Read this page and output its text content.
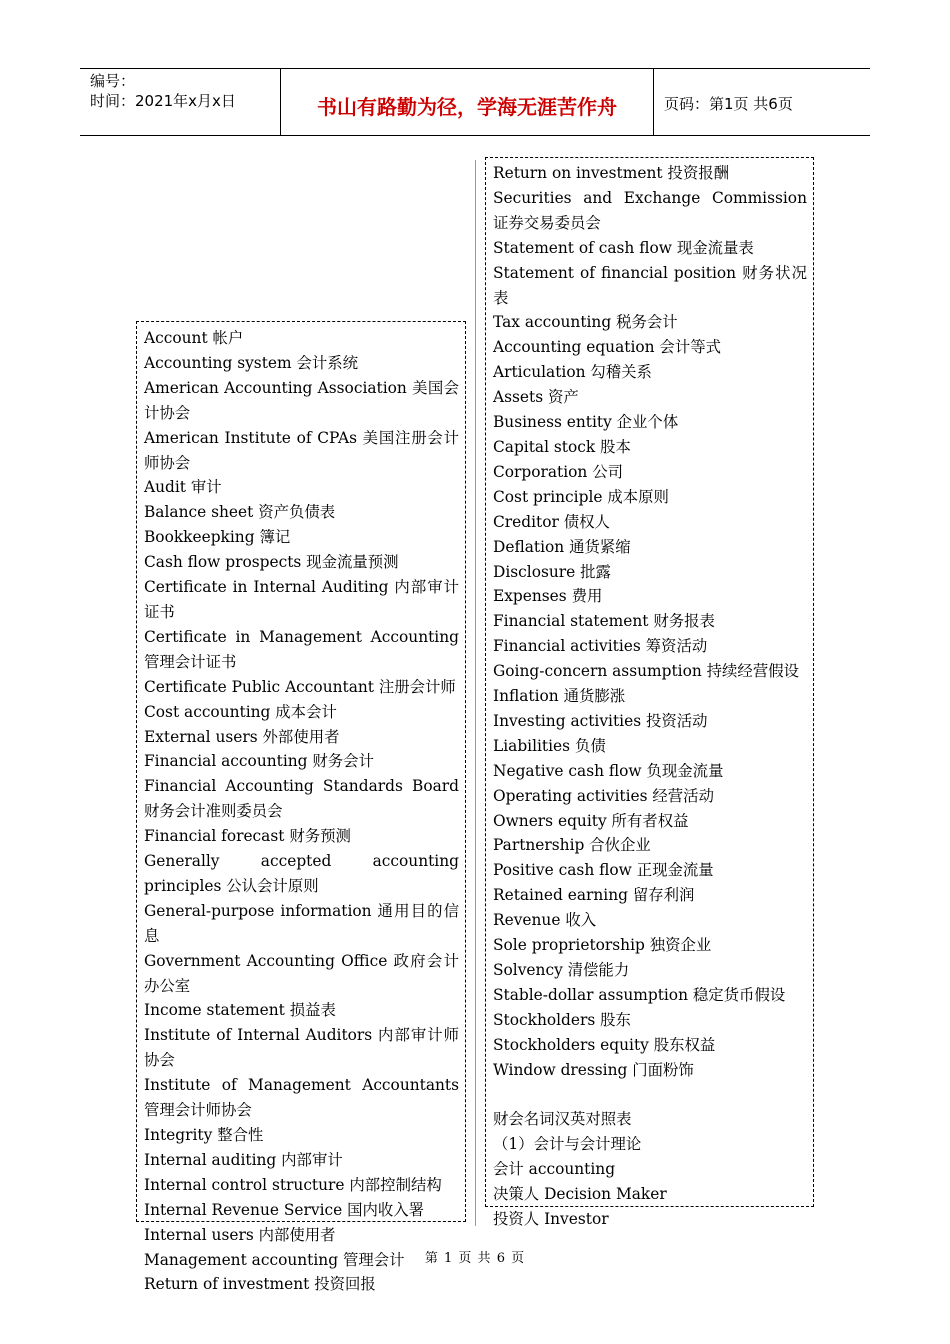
编号：
时间：2021年x月x日	书山有路勤为径，学海无涯苦作舟	页码：第1页 共6页
Account 帐户
Accounting system 会计系统
American Accounting Association 美国会计协会
American Institute of CPAs 美国注册会计师协会
Audit 审计
Balance sheet 资产负债表
Bookkeepking 簿记
Cash flow prospects 现金流量预测
Certificate in Internal Auditing 内部审计证书
Certificate in Management Accounting 管理会计证书
Certificate Public Accountant 注册会计师
Cost accounting 成本会计
External users 外部使用者
Financial accounting 财务会计
Financial Accounting Standards Board 财务会计准则委员会
Financial forecast 财务预测
Generally accepted accounting principles 公认会计原则
General-purpose information 通用目的信息
Government Accounting Office 政府会计办公室
Income statement 损益表
Institute of Internal Auditors 内部审计师协会
Institute of Management Accountants 管理会计师协会
Integrity 整合性
Internal auditing 内部审计
Internal control structure 内部控制结构
Internal Revenue Service 国内收入署
Internal users 内部使用者
Management accounting 管理会计
Return of investment 投资回报
Return on investment 投资报酬
Securities and Exchange Commission 证券交易委员会
Statement of cash flow 现金流量表
Statement of financial position 财务状况表
Tax accounting 税务会计
Accounting equation 会计等式
Articulation 勾稽关系
Assets 资产
Business entity 企业个体
Capital stock 股本
Corporation 公司
Cost principle 成本原则
Creditor 债权人
Deflation 通货紧缩
Disclosure 批露
Expenses 费用
Financial statement 财务报表
Financial activities 筹资活动
Going-concern assumption 持续经营假设
Inflation 通货膨涨
Investing activities 投资活动
Liabilities 负债
Negative cash flow 负现金流量
Operating activities 经营活动
Owners equity 所有者权益
Partnership 合伙企业
Positive cash flow 正现金流量
Retained earning 留存利润
Revenue 收入
Sole proprietorship 独资企业
Solvency 清偿能力
Stable-dollar assumption 稳定货币假设
Stockholders 股东
Stockholders equity 股东权益
Window dressing 门面粉饰
财会名词汉英对照表
（1）会计与会计理论
会计 accounting
决策人 Decision Maker
投资人 Investor
第 1 页 共 6 页
